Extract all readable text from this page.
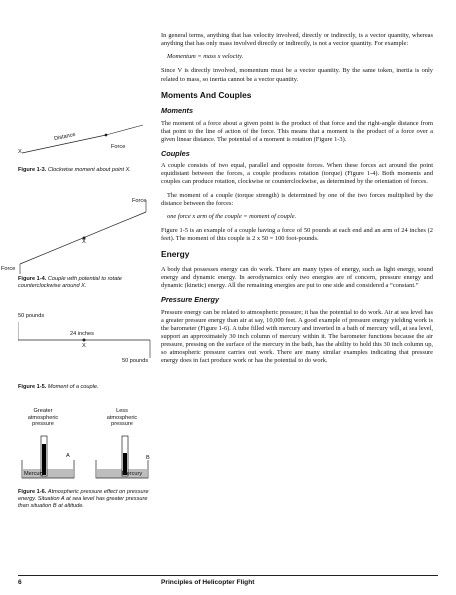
In general terms, anything that has velocity involved, directly or indirectly, is a vector quantity, whereas anything that has only mass involved directly or indirectly, is not a vector quantity. For example:

Momentum = mass x velocity.

Since V is directly involved, momentum must be a vector quantity. By the same token, inertia is only related to mass, so inertia cannot be a vector quantity.

Moments And Couples
Moments

The moment of a force about a given point is the product of that force and the right-angle distance from that point to the line of action of the force. This means that a moment is the product of a force over a given linear distance. The potential of a moment is rotation (Figure 1-3).

Couples

A couple consists of two equal, parallel and opposite forces. When these forces act around the point equidistant between the forces, a couple produces rotation (torque) (Figure 1-4). Both moments and couples can produce rotation, clockwise or counterclockwise, as determined by the orientation of forces.

The moment of a couple (torque strength) is determined by one of the two forces multiplied by the distance between the forces:

one force x arm of the couple = moment of couple.

Figure 1-5 is an example of a couple having a force of 50 pounds at each end and an arm of 24 inches (2 feet). The moment of this couple is 2 x 50 = 100 foot-pounds.

Energy

A body that possesses energy can do work. There are many types of energy, such as light energy, sound energy and dynamic energy. In aerodynamics only two energies are of concern, pressure energy and dynamic (kinetic) energy. All the remaining energies are put to one side and considered a “constant.”

Pressure Energy

Pressure energy can be related to atmospheric pressure; it has the potential to do work. Air at sea level has a greater pressure energy than air at say, 10,000 feet. A good example of pressure energy yielding work is the barometer (Figure 1-6). A tube filled with mercury and inverted in a bath of mercury will, at sea level, support an approximately 30 inch column of mercury within it. The barometer functions because the air pressure, pressing on the surface of the mercury in the bath, has the ability to hold this 30 inch column up, so atmospheric pressure carries out work. There are many similar examples indicating that pressure energy does in fact produce work or has the potential to do work.

X
Distance
Force
Figure 1-3. Clockwise moment about point X.
Force
X
Force
Figure 1-4. Couple with potential to rotate counterclockwise around X.
50 pounds
24 inches
X
50 pounds
Figure 1-5. Moment of a couple.
Greater atmospheric pressure
Less atmospheric pressure
A	B
Mercury	Mercury
Figure 1-6. Atmospheric pressure effect on pressure energy. Situation A at sea level has greater pressure than situation B at altitude.
6	Principles of Helicopter Flight
